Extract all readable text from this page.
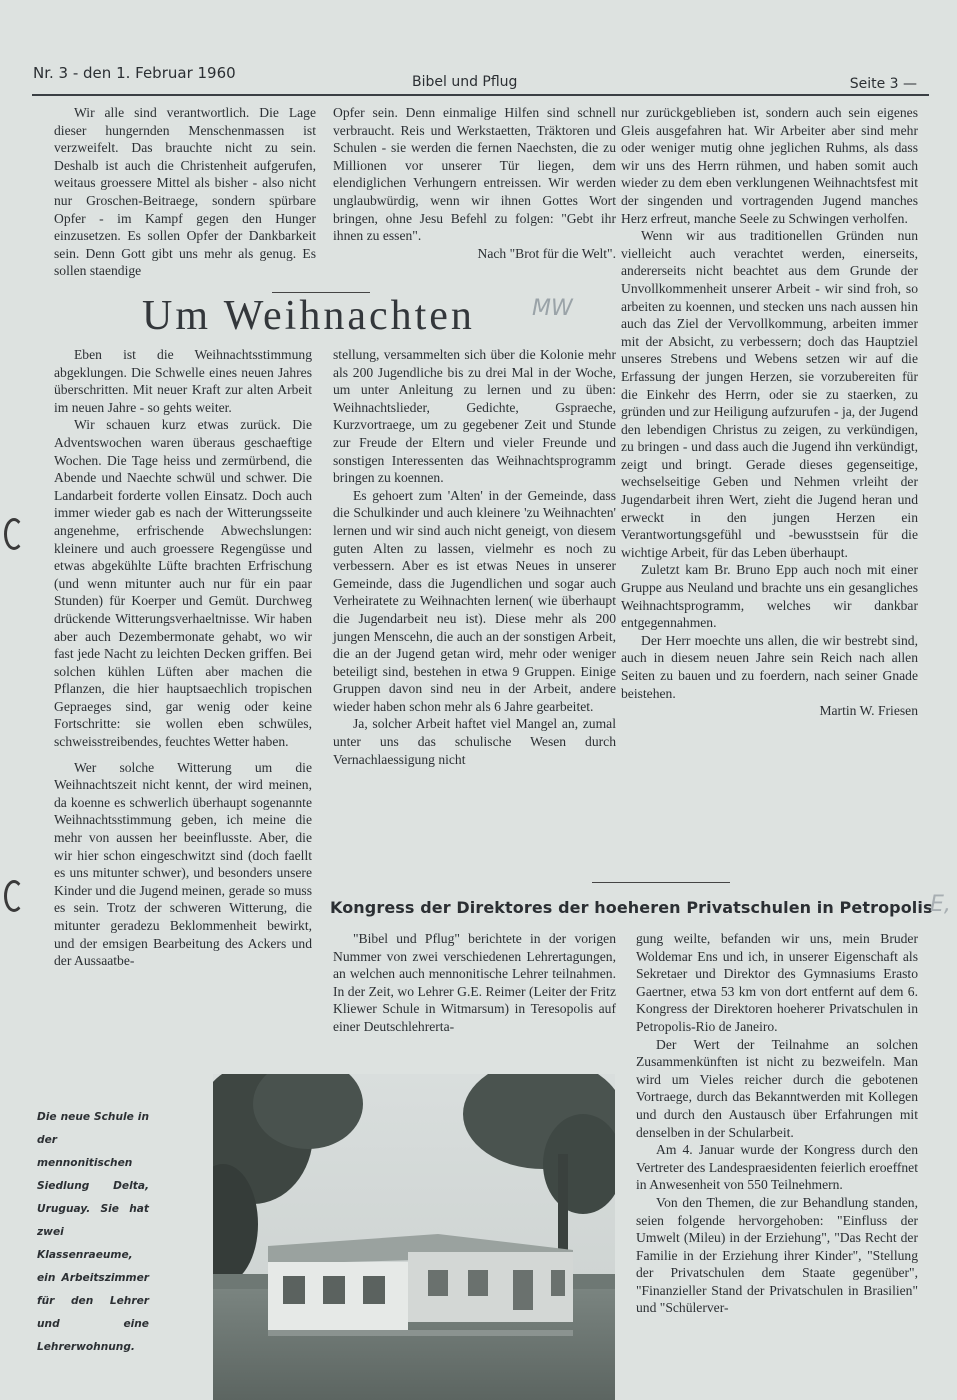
Nr. 3 - den 1. Februar 1960	Bibel und Pflug	Seite 3 —

Wir alle sind verantwortlich. Die Lage dieser hungernden Menschenmassen ist verzweifelt. Das brauchte nicht zu sein. Deshalb ist auch die Christenheit aufgerufen, weitaus groessere Mittel als bisher - also nicht nur Groschen-Beitraege, sondern spürbare Opfer - im Kampf gegen den Hunger einzusetzen. Es sollen Opfer der Dankbarkeit sein. Denn Gott gibt uns mehr als genug. Es sollen staendige

Opfer sein. Denn einmalige Hilfen sind schnell verbraucht. Reis und Werkstaetten, Träktoren und Schulen - sie werden die fernen Naechsten, die zu Millionen vor unserer Tür liegen, dem elendiglichen Verhungern entreissen. Wir werden unglaubwürdig, wenn wir ihnen Gottes Wort bringen, ohne Jesu Befehl zu folgen: "Gebt ihr ihnen zu essen".

Nach "Brot für die Welt".

Um Weihnachten	MW

Eben ist die Weihnachtsstimmung abgeklungen. Die Schwelle eines neuen Jahres überschritten. Mit neuer Kraft zur alten Arbeit im neuen Jahre - so gehts weiter.

Wir schauen kurz etwas zurück. Die Adventswochen waren überaus geschaeftige Wochen. Die Tage heiss und zermürbend, die Abende und Naechte schwül und schwer. Die Landarbeit forderte vollen Einsatz. Doch auch immer wieder gab es nach der Witterungsseite angenehme, erfrischende Abwechslungen: kleinere und auch groessere Regengüsse und etwas abgekühlte Lüfte brachten Erfrischung (und wenn mitunter auch nur für ein paar Stunden) für Koerper und Gemüt. Durchweg drückende Witterungsverhaeltnisse. Wir haben aber auch Dezembermonate gehabt, wo wir fast jede Nacht zu leichten Decken griffen. Bei solchen kühlen Lüften aber machen die Pflanzen, die hier hauptsaechlich tropischen Gepraeges sind, gar wenig oder keine Fortschritte: sie wollen eben schwüles, schweisstreibendes, feuchtes Wetter haben.

Wer solche Witterung um die Weihnachtszeit nicht kennt, der wird meinen, da koenne es schwerlich überhaupt sogenannte Weihnachtsstimmung geben, ich meine die mehr von aussen her beeinflusste. Aber, die wir hier schon eingeschwitzt sind (doch faellt es uns mitunter schwer), und besonders unsere Kinder und die Jugend meinen, gerade so muss es sein. Trotz der schweren Witterung, die mitunter geradezu Beklommenheit bewirkt, und der emsigen Bearbeitung des Ackers und der Aussaatbe-

stellung, versammelten sich über die Kolonie mehr als 200 Jugendliche bis zu drei Mal in der Woche, um unter Anleitung zu lernen und zu üben: Weihnachtslieder, Gedichte, Gspraeche, Kurzvortraege, um zu gegebener Zeit und Stunde zur Freude der Eltern und vieler Freunde und sonstigen Interessenten das Weihnachtsprogramm bringen zu koennen.

Es gehoert zum 'Alten' in der Gemeinde, dass die Schulkinder und auch kleinere 'zu Weihnachten' lernen und wir sind auch nicht geneigt, von diesem guten Alten zu lassen, vielmehr es noch zu verbessern. Aber es ist etwas Neues in unserer Gemeinde, dass die Jugendlichen und sogar auch Verheiratete zu Weihnachten lernen( wie überhaupt die Jugendarbeit neu ist). Diese mehr als 200 jungen Menscehn, die auch an der sonstigen Arbeit, die an der Jugend getan wird, mehr oder weniger beteiligt sind, bestehen in etwa 9 Gruppen. Einige Gruppen davon sind neu in der Arbeit, andere wieder haben schon mehr als 6 Jahre gearbeitet.

Ja, solcher Arbeit haftet viel Mangel an, zumal unter uns das schulische Wesen durch Vernachlaessigung nicht

nur zurückgeblieben ist, sondern auch sein eigenes Gleis ausgefahren hat. Wir Arbeiter aber sind mehr oder weniger mutig ohne jeglichen Ruhms, als dass wir uns des Herrn rühmen, und haben somit auch wieder zu dem eben verklungenen Weihnachtsfest mit der singenden und vortragenden Jugend manches Herz erfreut, manche Seele zu Schwingen verholfen.

Wenn wir aus traditionellen Gründen nun vielleicht auch verachtet werden, einerseits, andererseits nicht beachtet aus dem Grunde der Unvollkommenheit unserer Arbeit - wir sind froh, so arbeiten zu koennen, und stecken uns nach aussen hin auch das Ziel der Vervollkommung, arbeiten immer mit der Absicht, zu verbessern; doch das Hauptziel unseres Strebens und Webens setzen wir auf die Erfassung der jungen Herzen, sie vorzubereiten für die Einkehr des Herrn, oder sie zu staerken, zu gründen und zur Heiligung aufzurufen - ja, der Jugend den lebendigen Christus zu zeigen, zu verkündigen, zu bringen - und dass auch die Jugend ihn verkündigt, zeigt und bringt. Gerade dieses gegenseitige, wechselseitige Geben und Nehmen vrleiht der Jugendarbeit ihren Wert, zieht die Jugend heran und erweckt in den jungen Herzen ein Verantwortungsgefühl und -bewusstsein für die wichtige Arbeit, für das Leben überhaupt.

Zuletzt kam Br. Bruno Epp auch noch mit einer Gruppe aus Neuland und brachte uns ein gesangliches Weihnachtsprogramm, welches wir dankbar entgegennahmen.

Der Herr moechte uns allen, die wir bestrebt sind, auch in diesem neuen Jahre sein Reich nach allen Seiten zu bauen und zu foerdern, nach seiner Gnade beistehen.

Martin W. Friesen

Kongress der Direktores der hoeheren Privatschulen in Petropolis
E,

"Bibel und Pflug" berichtete in der vorigen Nummer von zwei verschiedenen Lehrertagungen, an welchen auch mennonitische Lehrer teilnahmen. In der Zeit, wo Lehrer G.E. Reimer (Leiter der Fritz Kliewer Schule in Witmarsum) in Teresopolis auf einer Deutschlehrerta-

gung weilte, befanden wir uns, mein Bruder Woldemar Ens und ich, in unserer Eigenschaft als Sekretaer und Direktor des Gymnasiums Erasto Gaertner, etwa 53 km von dort entfernt auf dem 6. Kongress der Direktoren hoeherer Privatschulen in Petropolis-Rio de Janeiro.

Der Wert der Teilnahme an solchen Zusammenkünften ist nicht zu bezweifeln. Man wird um Vieles reicher durch die gebotenen Vortraege, durch das Bekanntwerden mit Kollegen und durch den Austausch über Erfahrungen mit denselben in der Schularbeit.

Am 4. Januar wurde der Kongress durch den Vertreter des Landespraesidenten feierlich eroeffnet in Anwesenheit von 550 Teilnehmern.

Von den Themen, die zur Behandlung standen, seien folgende hervorgehoben: "Einfluss der Umwelt (Mileu) in der Erziehung", "Das Recht der Familie in der Erziehung ihrer Kinder", "Stellung der Privatschulen dem Staate gegenüber", "Finanzieller Stand der Privatschulen in Brasilien" und "Schülerver-

Die neue Schule in der mennonitischen Siedlung Delta, Uruguay. Sie hat zwei Klassenraeume, ein Arbeitszimmer für den Lehrer und eine Lehrerwohnung.
